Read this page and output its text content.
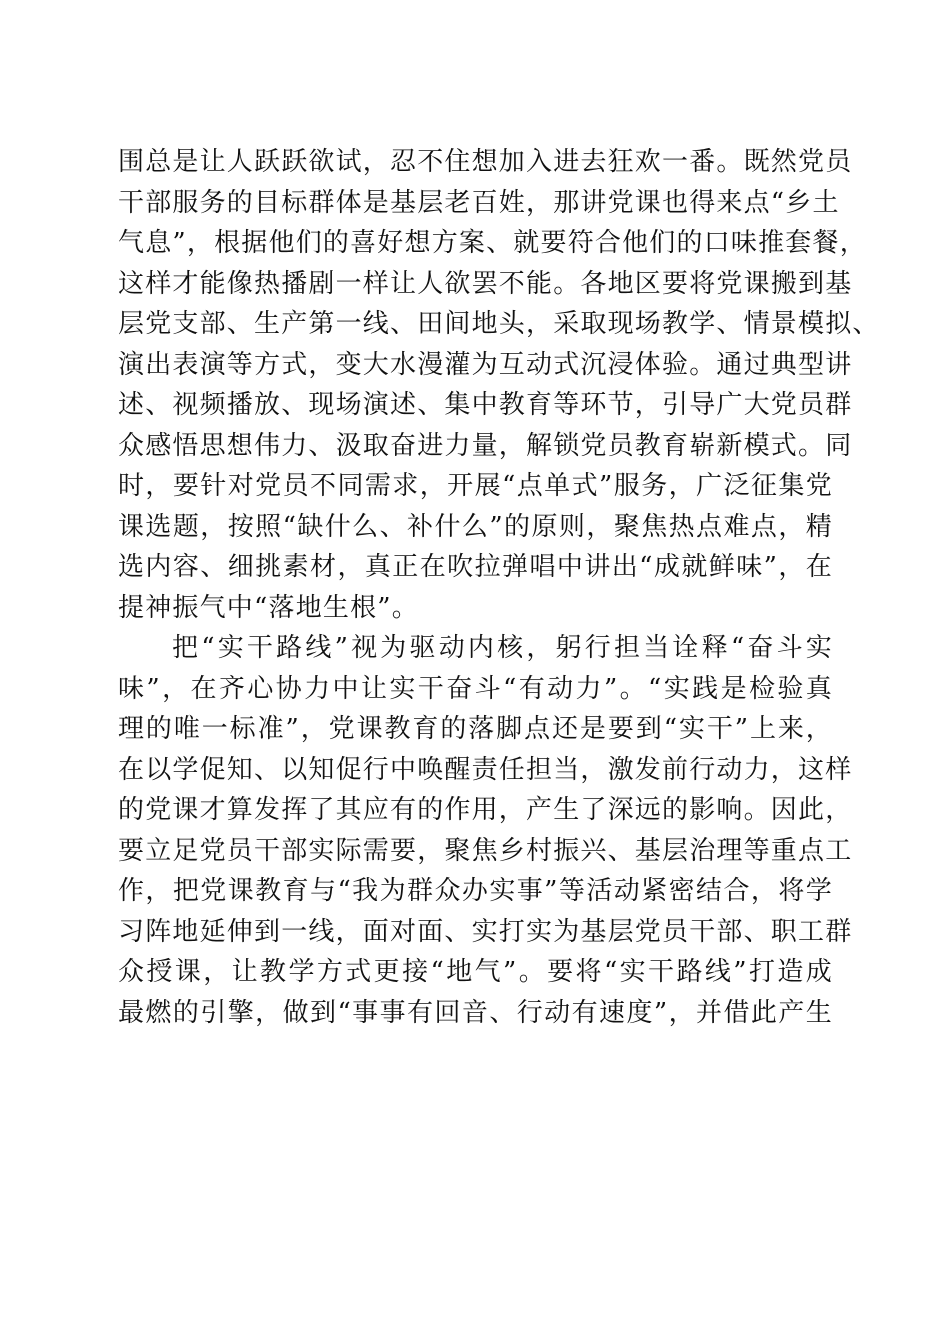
围总是让人跃跃欲试，忍不住想加入进去狂欢一番。既然党员
干部服务的目标群体是基层老百姓，那讲党课也得来点“乡土
气息”，根据他们的喜好想方案、就要符合他们的口味推套餐，
这样才能像热播剧一样让人欲罢不能。各地区要将党课搬到基
层党支部、生产第一线、田间地头，采取现场教学、情景模拟、
演出表演等方式，变大水漫灌为互动式沉浸体验。通过典型讲
述、视频播放、现场演述、集中教育等环节，引导广大党员群
众感悟思想伟力、汲取奋进力量，解锁党员教育崭新模式。同
时，要针对党员不同需求，开展“点单式”服务，广泛征集党
课选题，按照“缺什么、补什么”的原则，聚焦热点难点，精
选内容、细挑素材，真正在吹拉弹唱中讲出“成就鲜味”，在
提神振气中“落地生根”。
把“实干路线”视为驱动内核，躬行担当诠释“奋斗实
味”，在齐心协力中让实干奋斗“有动力”。“实践是检验真
理的唯一标准”，党课教育的落脚点还是要到“实干”上来，
在以学促知、以知促行中唤醒责任担当，激发前行动力，这样
的党课才算发挥了其应有的作用，产生了深远的影响。因此，
要立足党员干部实际需要，聚焦乡村振兴、基层治理等重点工
作，把党课教育与“我为群众办实事”等活动紧密结合，将学
习阵地延伸到一线，面对面、实打实为基层党员干部、职工群
众授课，让教学方式更接“地气”。要将“实干路线”打造成
最燃的引擎，做到“事事有回音、行动有速度”，并借此产生
